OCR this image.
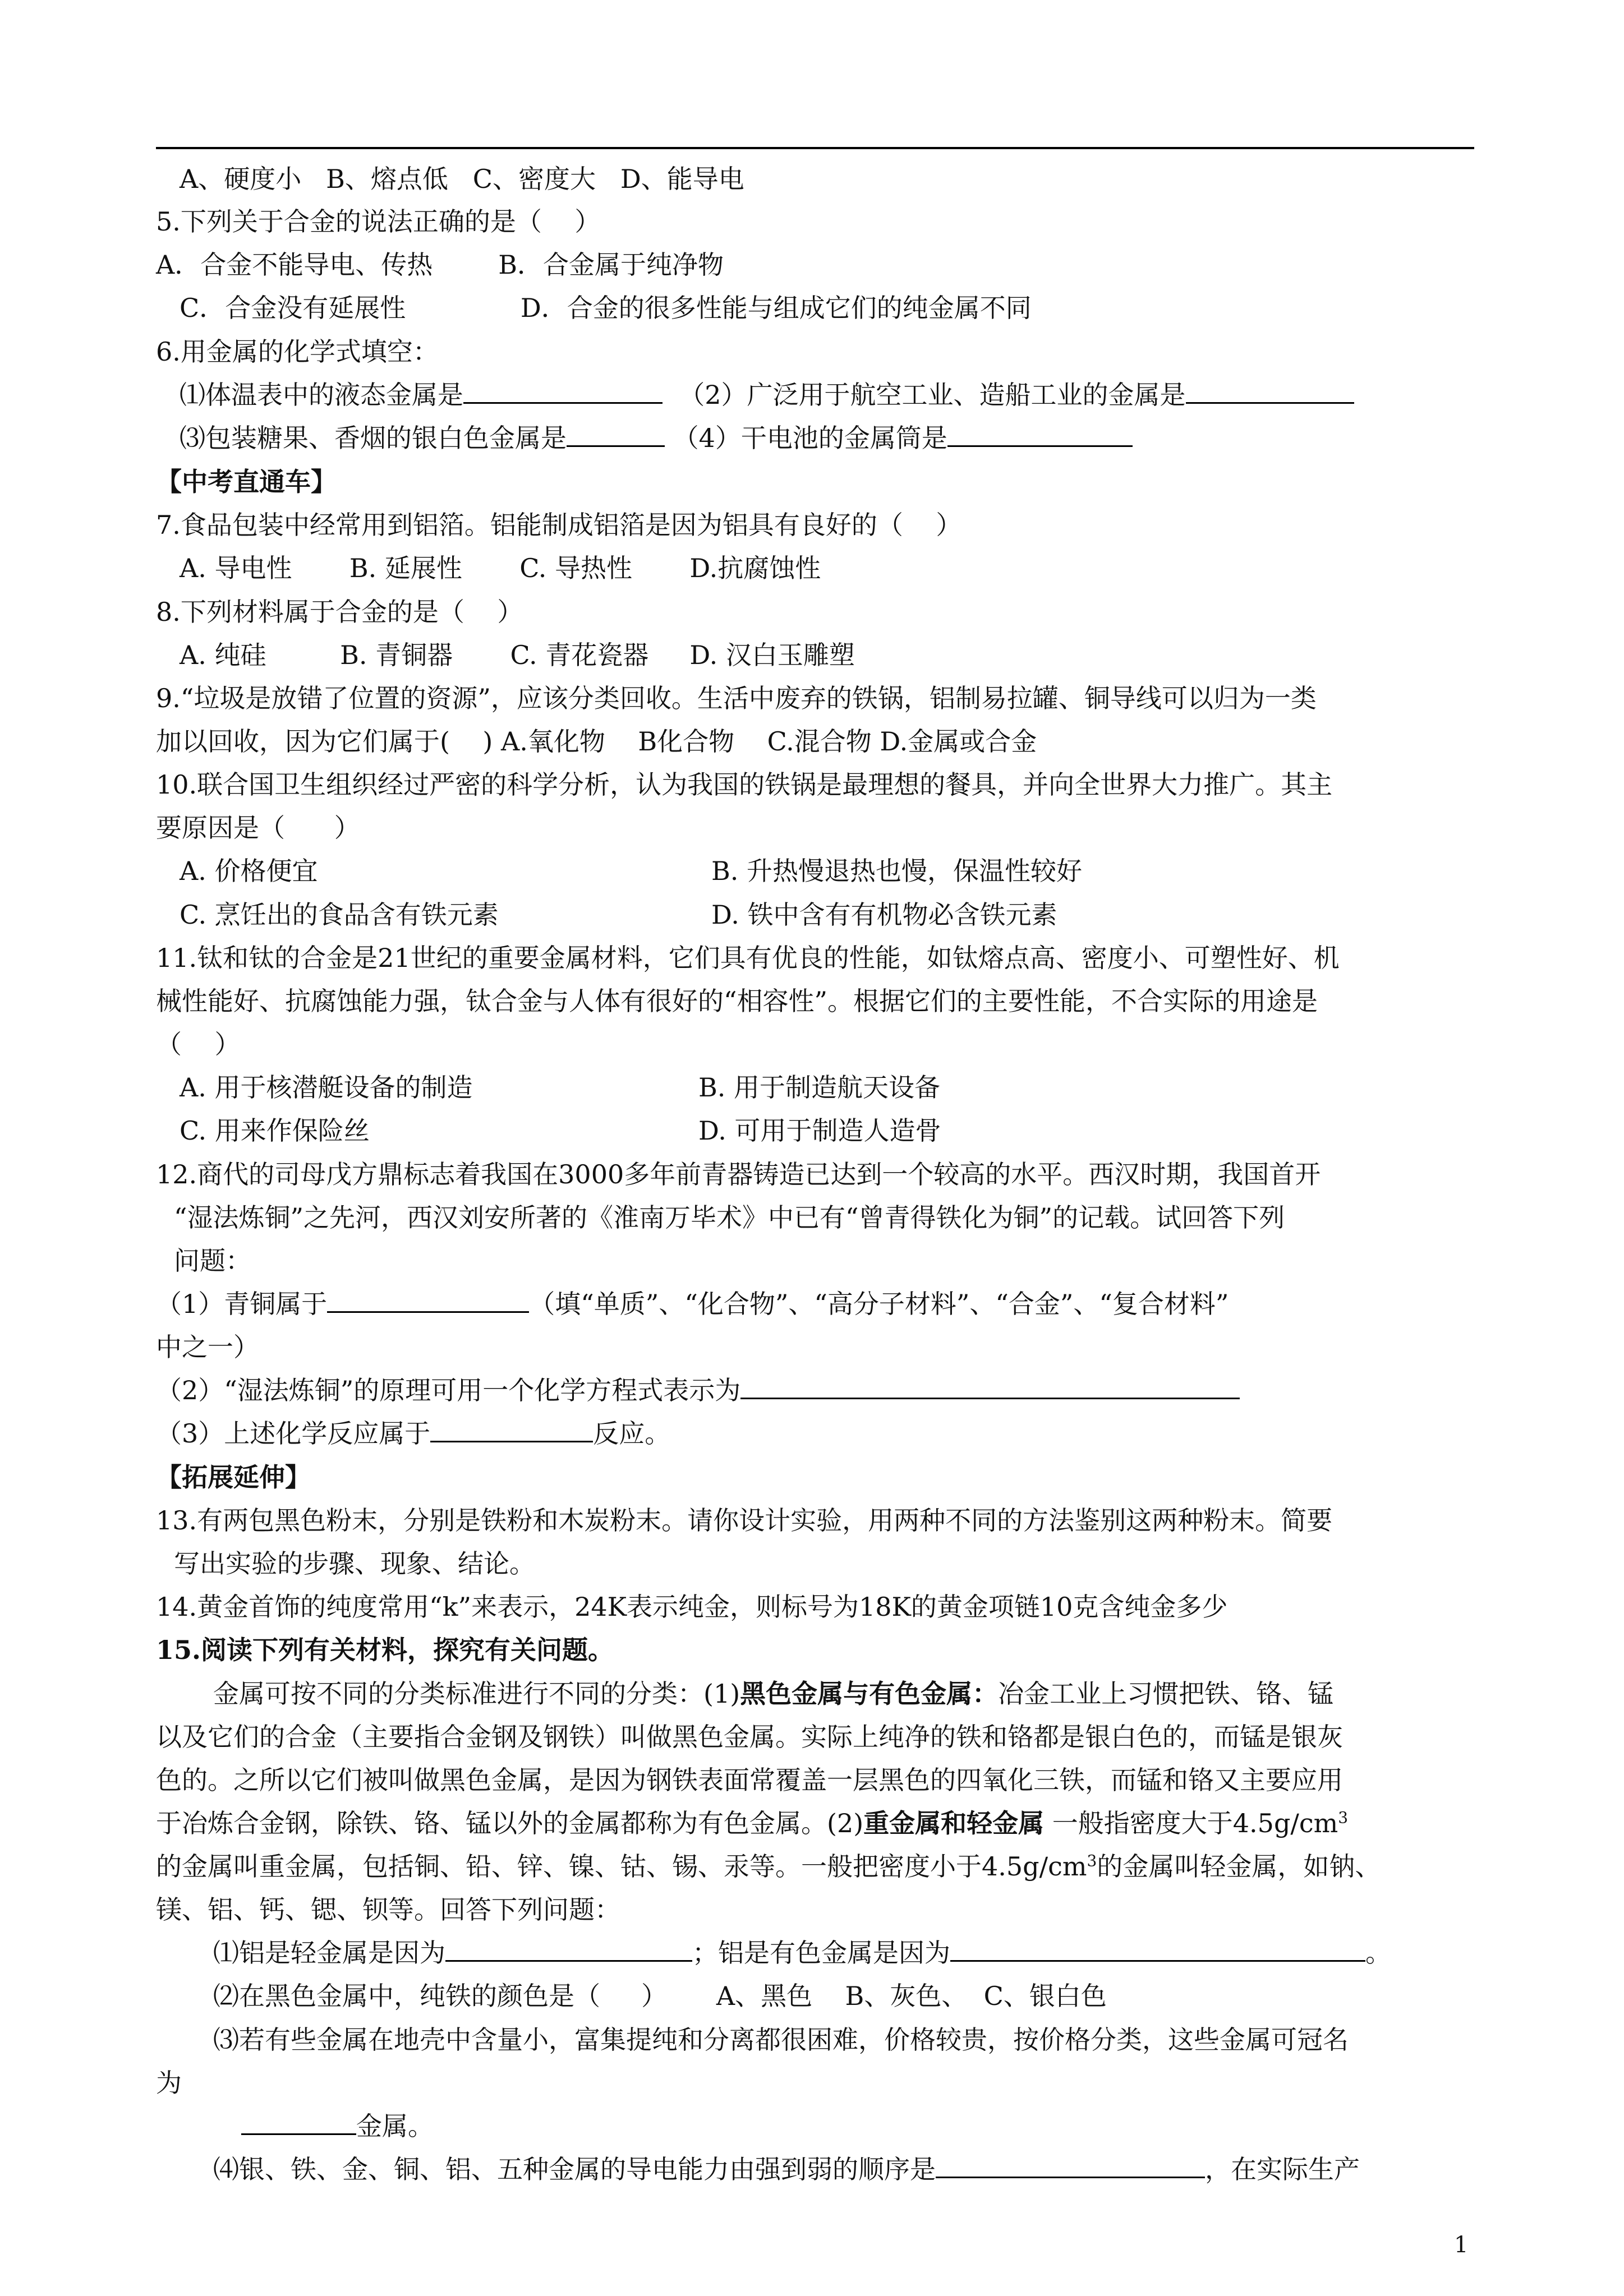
A、硬度小   B、熔点低   C、密度大   D、能导电
5.下列关于合金的说法正确的是（    ）
A．合金不能导电、传热        B．合金属于纯净物
C．合金没有延展性              D．合金的很多性能与组成它们的纯金属不同
6.用金属的化学式填空：
⑴体温表中的液态金属是	（2）广泛用于航空工业、造船工业的金属是
⑶包装糖果、香烟的银白色金属是	（4）干电池的金属筒是
【中考直通车】
7.食品包装中经常用到铝箔。铝能制成铝箔是因为铝具有良好的（    ）
A. 导电性       B. 延展性       C. 导热性       D.抗腐蚀性
8.下列材料属于合金的是（    ）
A. 纯硅         B. 青铜器       C. 青花瓷器     D. 汉白玉雕塑
9.“垃圾是放错了位置的资源”，应该分类回收。生活中废弃的铁锅，铝制易拉罐、铜导线可以归为一类
加以回收，因为它们属于(    ) A.氧化物    B化合物    C.混合物 D.金属或合金
10.联合国卫生组织经过严密的科学分析，认为我国的铁锅是最理想的餐具，并向全世界大力推广。其主
要原因是（      ）
A. 价格便宜	B. 升热慢退热也慢，保温性较好
C. 烹饪出的食品含有铁元素	D. 铁中含有有机物必含铁元素
11.钛和钛的合金是21世纪的重要金属材料，它们具有优良的性能，如钛熔点高、密度小、可塑性好、机
械性能好、抗腐蚀能力强，钛合金与人体有很好的“相容性”。根据它们的主要性能，不合实际的用途是
（    ）
A. 用于核潜艇设备的制造	B. 用于制造航天设备
C. 用来作保险丝	D. 可用于制造人造骨
12.商代的司母戊方鼎标志着我国在3000多年前青器铸造已达到一个较高的水平。西汉时期，我国首开
“湿法炼铜”之先河，西汉刘安所著的《淮南万毕术》中已有“曾青得铁化为铜”的记载。试回答下列
问题：
（1）青铜属于	（填“单质”、“化合物”、“高分子材料”、“合金”、“复合材料”
中之一）
（2）“湿法炼铜”的原理可用一个化学方程式表示为
（3）上述化学反应属于	反应。
【拓展延伸】
13.有两包黑色粉末，分别是铁粉和木炭粉末。请你设计实验，用两种不同的方法鉴别这两种粉末。简要
写出实验的步骤、现象、结论。
14.黄金首饰的纯度常用“k”来表示，24K表示纯金，则标号为18K的黄金项链10克含纯金多少
15.阅读下列有关材料，探究有关问题。
金属可按不同的分类标准进行不同的分类：(1)黑色金属与有色金属：冶金工业上习惯把铁、铬、锰
以及它们的合金（主要指合金钢及钢铁）叫做黑色金属。实际上纯净的铁和铬都是银白色的，而锰是银灰
色的。之所以它们被叫做黑色金属，是因为钢铁表面常覆盖一层黑色的四氧化三铁，而锰和铬又主要应用
于冶炼合金钢，除铁、铬、锰以外的金属都称为有色金属。(2)重金属和轻金属 一般指密度大于$4.5g/cm^3$
的金属叫重金属，包括铜、铅、锌、镍、钴、锡、汞等。一般把密度小于$4.5g/cm^3$的金属叫轻金属，如钠、
镁、铝、钙、锶、钡等。回答下列问题：
⑴铝是轻金属是因为	；铝是有色金属是因为	。
⑵在黑色金属中，纯铁的颜色是（     ）      A、黑色    B、灰色、  C、银白色
⑶若有些金属在地壳中含量小，富集提纯和分离都很困难，价格较贵，按价格分类，这些金属可冠名
为
金属。
⑷银、铁、金、铜、铝、五种金属的导电能力由强到弱的顺序是	，在实际生产
1
